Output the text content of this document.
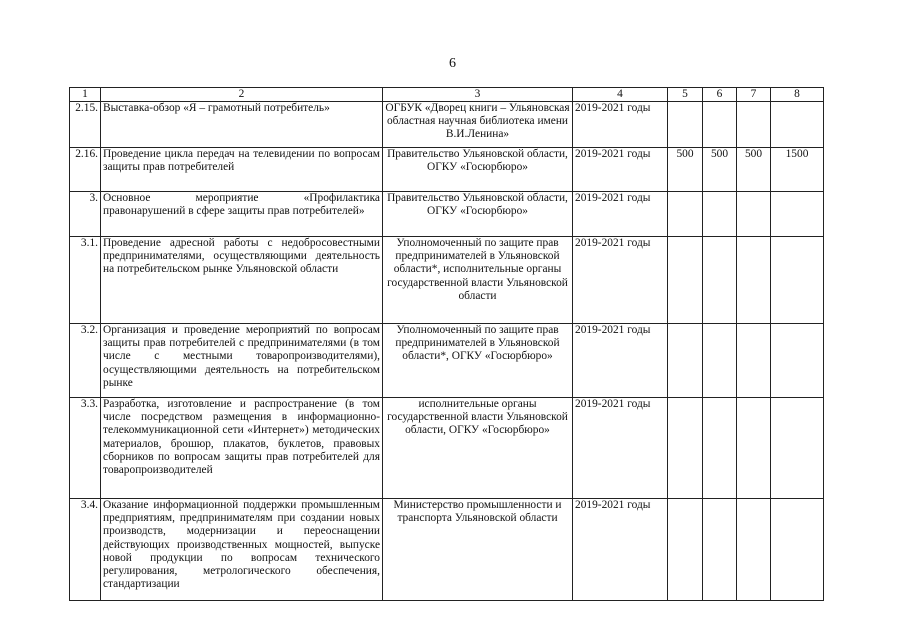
6
1	2	3	4	5	6	7	8
2.15.	Выставка-обзор «Я – грамотный потребитель»	ОГБУК «Дворец книги – Ульяновская областная научная библиотека имени В.И.Ленина»	2019-2021 годы				
2.16.	Проведение цикла передач на телевидении по вопросам защиты прав потребителей	Правительство Ульяновской области, ОГКУ «Госюрбюро»	2019-2021 годы	500	500	500	1500
3.	Основное мероприятие «Профилактика правонарушений в сфере защиты прав потребителей»	Правительство Ульяновской области, ОГКУ «Госюрбюро»	2019-2021 годы				
3.1.	Проведение адресной работы с недобросовестными предпринимателями, осуществляющими деятельность на потребительском рынке Ульяновской области	Уполномоченный по защите прав предпринимателей в Ульяновской области*, исполнительные органы государственной власти Ульяновской области	2019-2021 годы				
3.2.	Организация и проведение мероприятий по вопросам защиты прав потребителей с предпринимателями (в том числе с местными товаропроизводителями), осуществляющими деятельность на потребительском рынке	Уполномоченный по защите прав предпринимателей в Ульяновской области*, ОГКУ «Госюрбюро»	2019-2021 годы				
3.3.	Разработка, изготовление и распространение (в том числе посредством размещения в информационно-телекоммуникационной сети «Интернет») методических материалов, брошюр, плакатов, буклетов, правовых сборников по вопросам защиты прав потребителей для товаропроизводителей	исполнительные органы государственной власти Ульяновской области, ОГКУ «Госюрбюро»	2019-2021 годы				
3.4.	Оказание информационной поддержки промышленным предприятиям, предпринимателям при создании новых производств, модернизации и переоснащении действующих производственных мощностей, выпуске новой продукции по вопросам технического регулирования, метрологического обеспечения, стандартизации	Министерство промышленности и транспорта Ульяновской области	2019-2021 годы				
